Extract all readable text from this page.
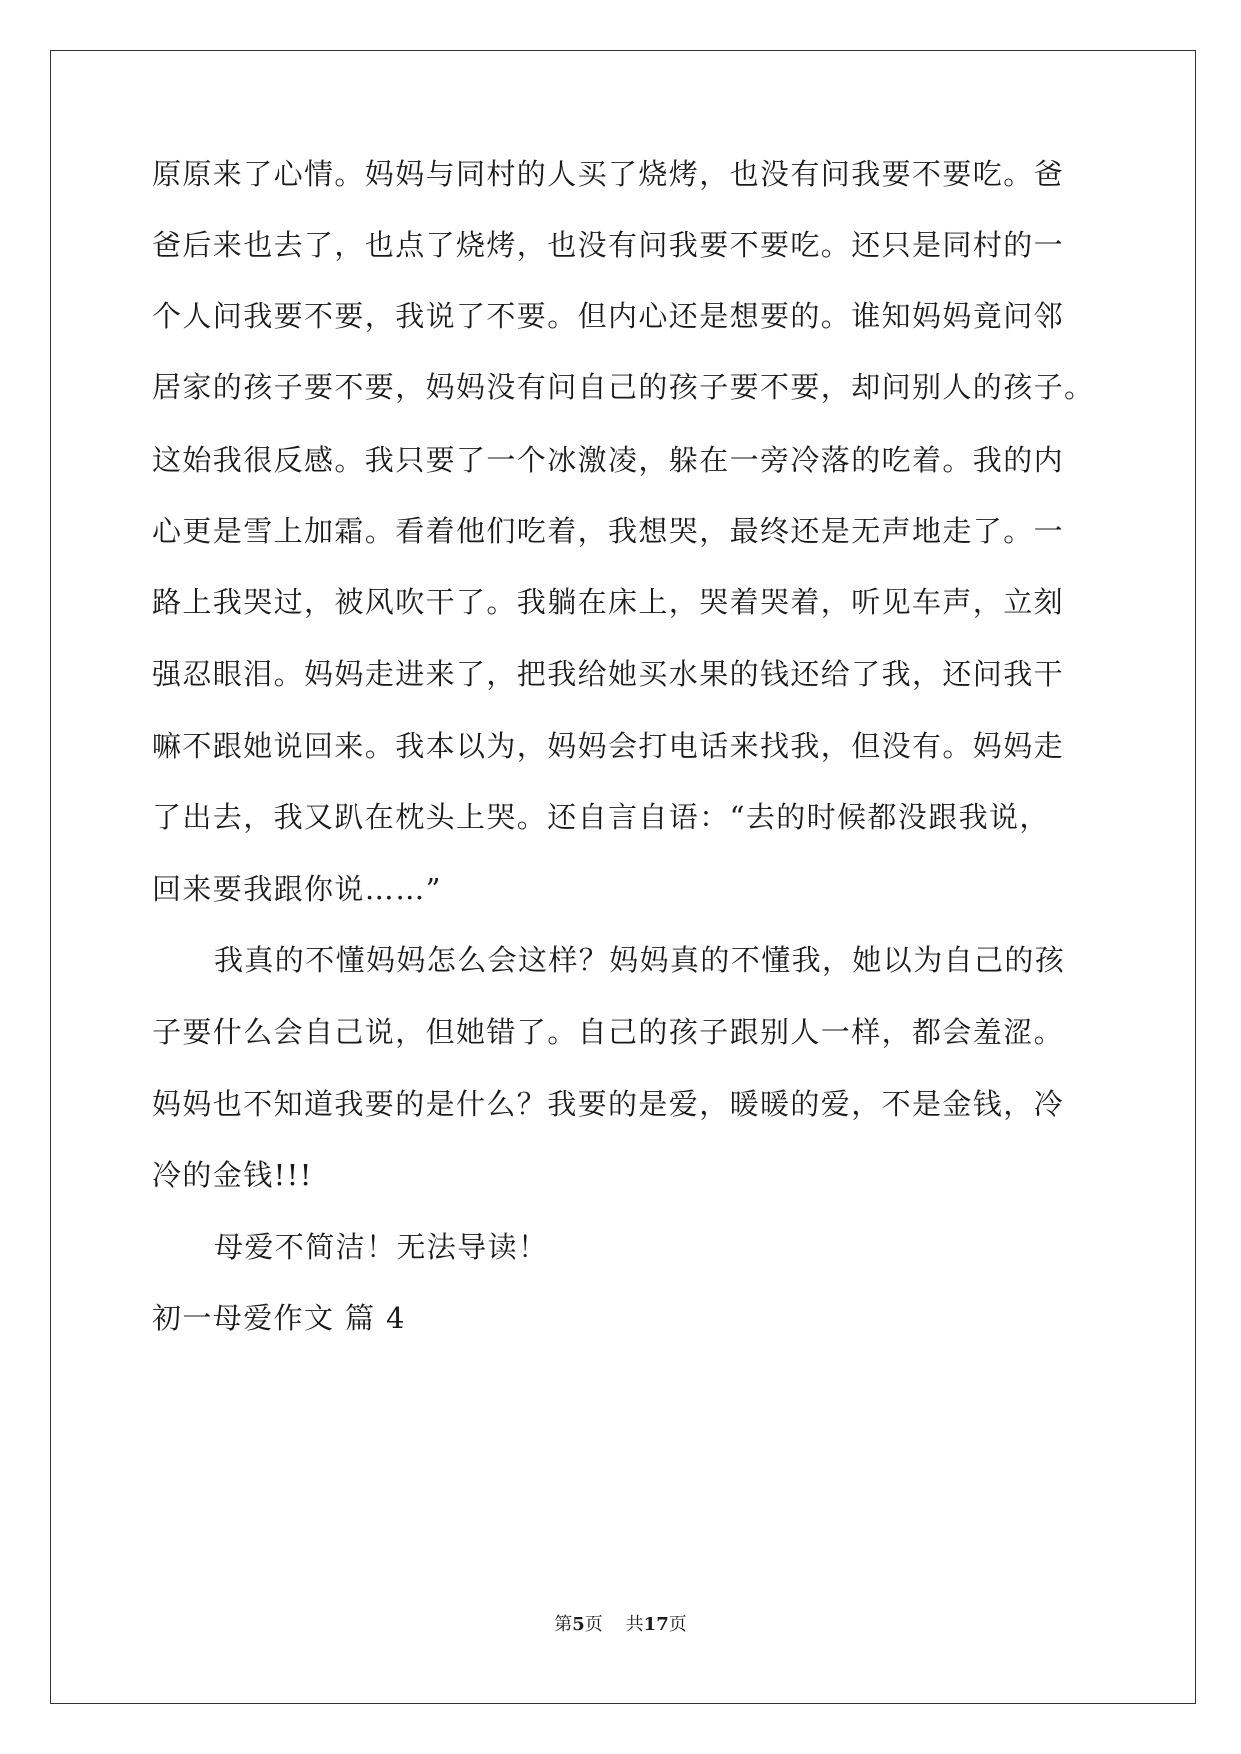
原原来了心情。妈妈与同村的人买了烧烤，也没有问我要不要吃。爸

爸后来也去了，也点了烧烤，也没有问我要不要吃。还只是同村的一

个人问我要不要，我说了不要。但内心还是想要的。谁知妈妈竟问邻

居家的孩子要不要，妈妈没有问自己的孩子要不要，却问别人的孩子。

这始我很反感。我只要了一个冰激凌，躲在一旁冷落的吃着。我的内

心更是雪上加霜。看着他们吃着，我想哭，最终还是无声地走了。一

路上我哭过，被风吹干了。我躺在床上，哭着哭着，听见车声，立刻

强忍眼泪。妈妈走进来了，把我给她买水果的钱还给了我，还问我干

嘛不跟她说回来。我本以为，妈妈会打电话来找我，但没有。妈妈走

了出去，我又趴在枕头上哭。还自言自语：“去的时候都没跟我说，

回来要我跟你说……”

我真的不懂妈妈怎么会这样？妈妈真的不懂我，她以为自己的孩

子要什么会自己说，但她错了。自己的孩子跟别人一样，都会羞涩。

妈妈也不知道我要的是什么？我要的是爱，暖暖的爱，不是金钱，冷

冷的金钱!!!

母爱不简洁！无法导读！

初一母爱作文 篇 4

第5页    共17页
